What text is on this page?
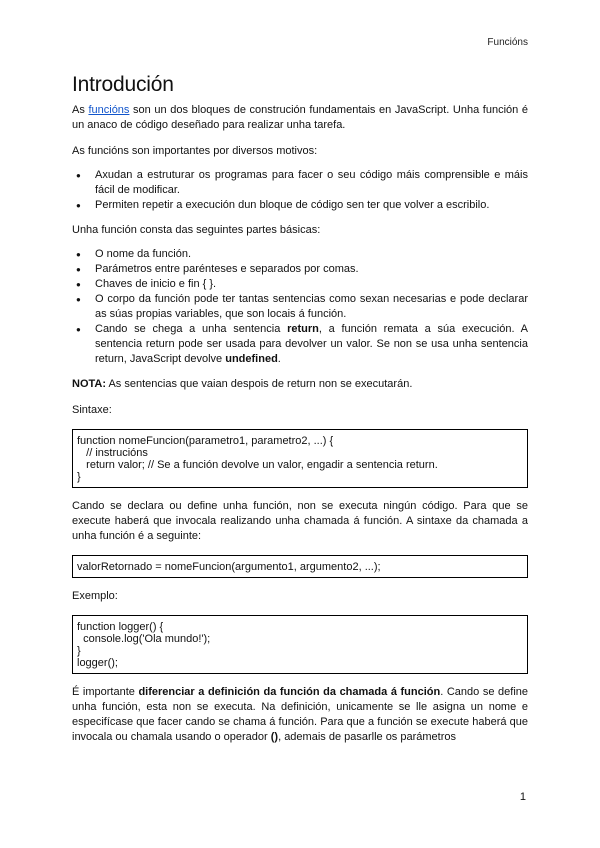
Funcións
Introdución

As funcións son un dos bloques de construción fundamentais en JavaScript. Unha función é un anaco de código deseñado para realizar unha tarefa.

As funcións son importantes por diversos motivos:

● Axudan a estruturar os programas para facer o seu código máis comprensible e máis fácil de modificar.
● Permiten repetir a execución dun bloque de código sen ter que volver a escribilo.

Unha función consta das seguintes partes básicas:

● O nome da función.
● Parámetros entre parénteses e separados por comas.
● Chaves de inicio e fin { }.
● O corpo da función pode ter tantas sentencias como sexan necesarias e pode declarar as súas propias variables, que son locais á función.
● Cando se chega a unha sentencia return, a función remata a súa execución. A sentencia return pode ser usada para devolver un valor. Se non se usa unha sentencia return, JavaScript devolve undefined.

NOTA: As sentencias que vaian despois de return non se executarán.

Sintaxe:

function nomeFuncion(parametro1, parametro2, ...) {
// instrucións
return valor; // Se a función devolve un valor, engadir a sentencia return.
}

Cando se declara ou define unha función, non se executa ningún código. Para que se execute haberá que invocala realizando unha chamada á función. A sintaxe da chamada a unha función é a seguinte:

valorRetornado = nomeFuncion(argumento1, argumento2, ...);

Exemplo:

function logger() {
console.log('Ola mundo!');
}
logger();

É importante diferenciar a definición da función da chamada á función. Cando se define unha función, esta non se executa. Na definición, unicamente se lle asigna un nome e especifícase que facer cando se chama á función. Para que a función se execute haberá que invocala ou chamala usando o operador (), ademais de pasarlle os parámetros

1
